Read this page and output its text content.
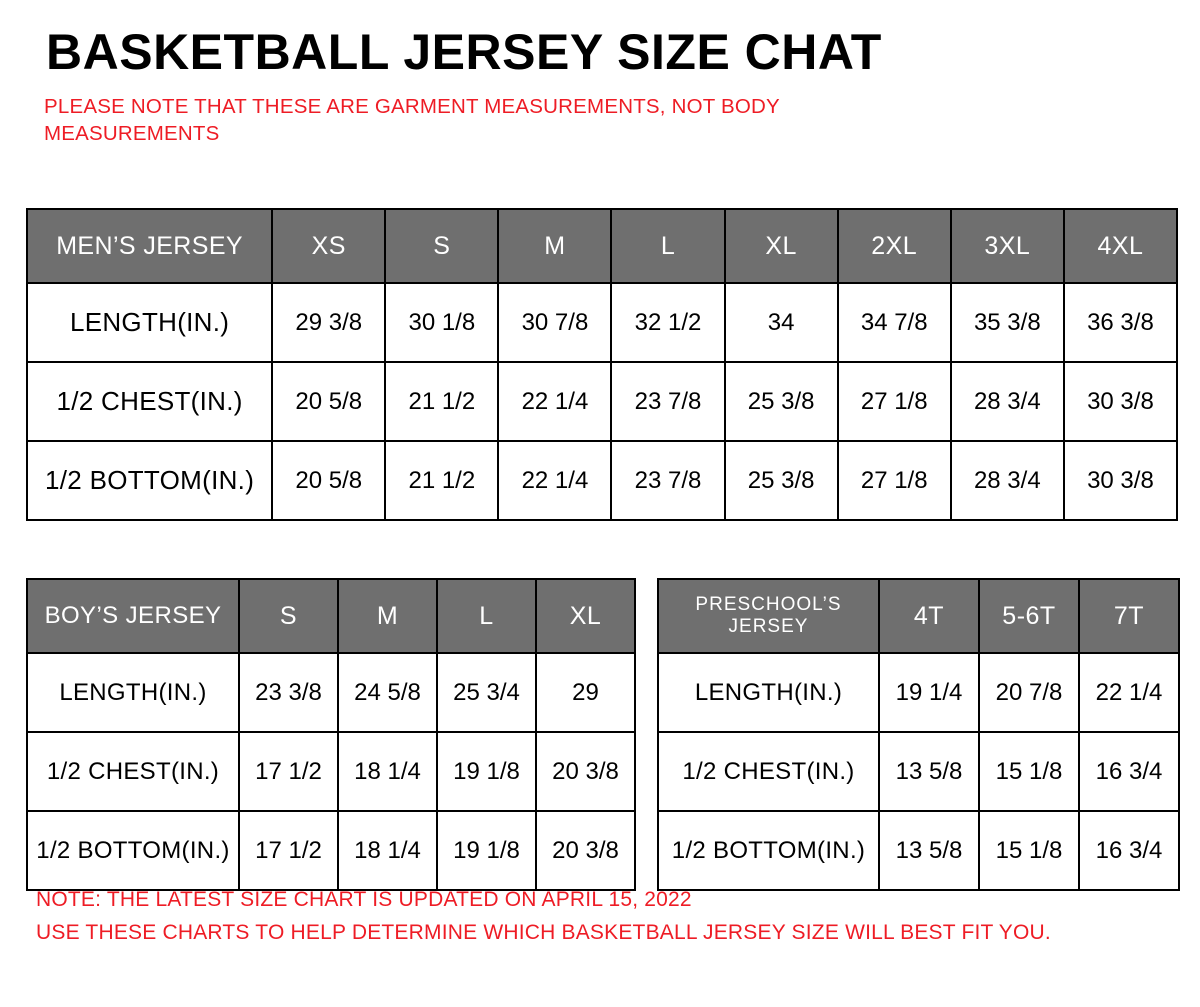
BASKETBALL JERSEY SIZE CHAT

PLEASE NOTE THAT THESE ARE GARMENT MEASUREMENTS, NOT BODY MEASUREMENTS

MEN’S JERSEY	XS	S	M	L	XL	2XL	3XL	4XL
LENGTH(IN.)	29 3/8	30 1/8	30 7/8	32 1/2	34	34 7/8	35 3/8	36 3/8
1/2 CHEST(IN.)	20 5/8	21 1/2	22 1/4	23 7/8	25 3/8	27 1/8	28 3/4	30 3/8
1/2 BOTTOM(IN.)	20 5/8	21 1/2	22 1/4	23 7/8	25 3/8	27 1/8	28 3/4	30 3/8
BOY’S JERSEY	S	M	L	XL
LENGTH(IN.)	23 3/8	24 5/8	25 3/4	29
1/2 CHEST(IN.)	17 1/2	18 1/4	19 1/8	20 3/8
1/2 BOTTOM(IN.)	17 1/2	18 1/4	19 1/8	20 3/8
PRESCHOOL’S JERSEY	4T	5-6T	7T
LENGTH(IN.)	19 1/4	20 7/8	22 1/4
1/2 CHEST(IN.)	13 5/8	15 1/8	16 3/4
1/2 BOTTOM(IN.)	13 5/8	15 1/8	16 3/4
NOTE: THE LATEST SIZE CHART IS UPDATED ON APRIL 15, 2022
USE THESE CHARTS TO HELP DETERMINE WHICH BASKETBALL JERSEY SIZE WILL BEST FIT YOU.
